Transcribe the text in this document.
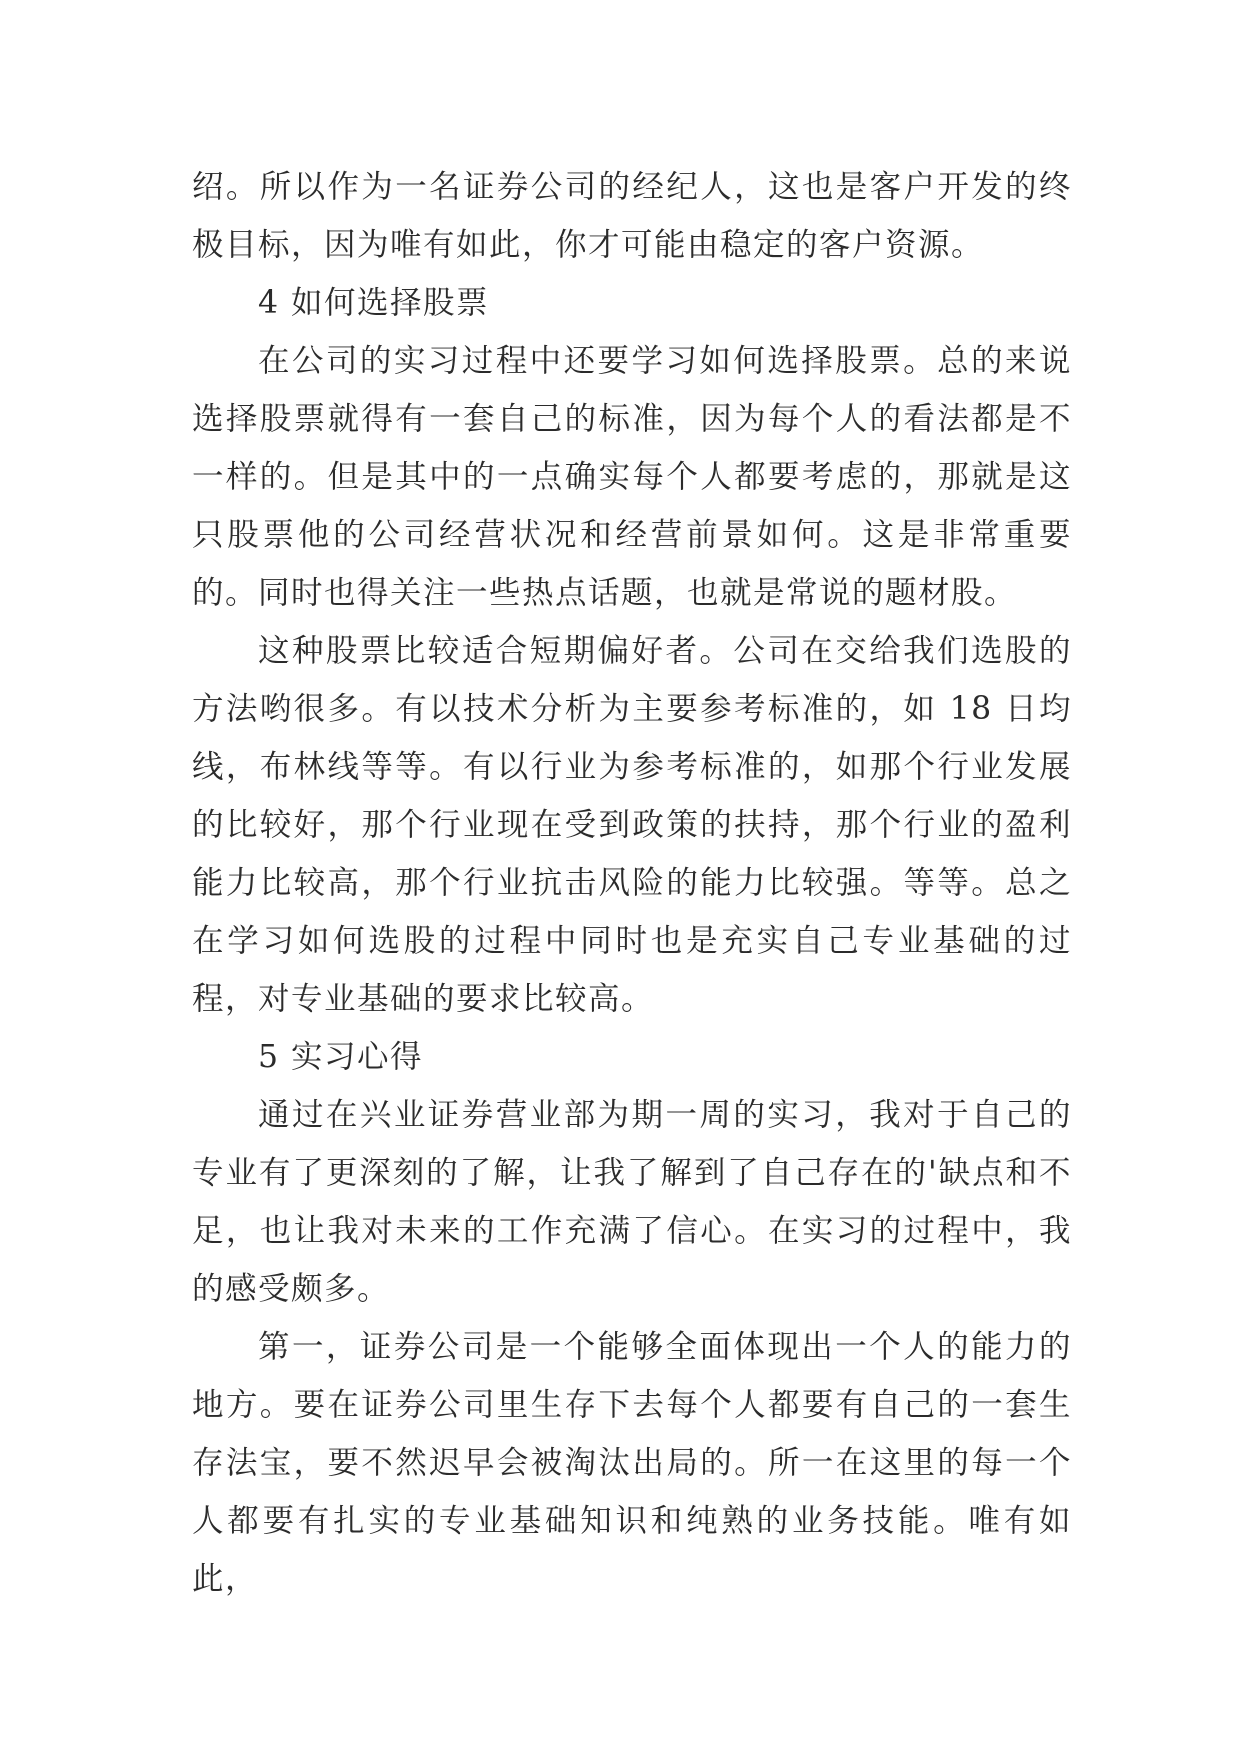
绍。所以作为一名证券公司的经纪人，这也是客户开发的终极目标，因为唯有如此，你才可能由稳定的客户资源。

4 如何选择股票

在公司的实习过程中还要学习如何选择股票。总的来说选择股票就得有一套自己的标准，因为每个人的看法都是不一样的。但是其中的一点确实每个人都要考虑的，那就是这只股票他的公司经营状况和经营前景如何。这是非常重要的。同时也得关注一些热点话题，也就是常说的题材股。

这种股票比较适合短期偏好者。公司在交给我们选股的方法哟很多。有以技术分析为主要参考标准的，如 18 日均线，布林线等等。有以行业为参考标准的，如那个行业发展的比较好，那个行业现在受到政策的扶持，那个行业的盈利能力比较高，那个行业抗击风险的能力比较强。等等。总之在学习如何选股的过程中同时也是充实自己专业基础的过程，对专业基础的要求比较高。

5 实习心得

通过在兴业证券营业部为期一周的实习，我对于自己的专业有了更深刻的了解，让我了解到了自己存在的'缺点和不足，也让我对未来的工作充满了信心。在实习的过程中，我的感受颇多。

第一，证券公司是一个能够全面体现出一个人的能力的地方。要在证券公司里生存下去每个人都要有自己的一套生存法宝，要不然迟早会被淘汰出局的。所一在这里的每一个人都要有扎实的专业基础知识和纯熟的业务技能。唯有如此，
